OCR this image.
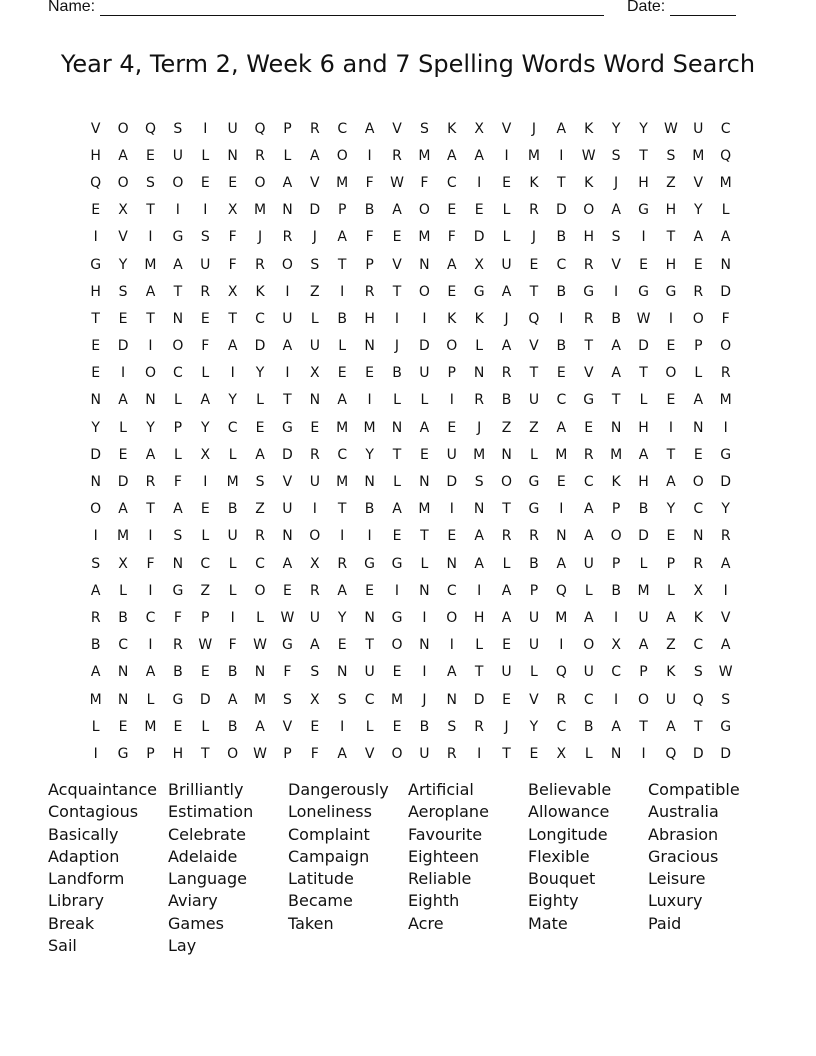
Name:	Date:
Year 4, Term 2, Week 6 and 7 Spelling Words Word Search
V	O	Q	S	I	U	Q	P	R	C	A	V	S	K	X	V	J	A	K	Y	Y	W	U	C
H	A	E	U	L	N	R	L	A	O	I	R	M	A	A	I	M	I	W	S	T	S	M	Q
Q	O	S	O	E	E	O	A	V	M	F	W	F	C	I	E	K	T	K	J	H	Z	V	M
E	X	T	I	I	X	M	N	D	P	B	A	O	E	E	L	R	D	O	A	G	H	Y	L
I	V	I	G	S	F	J	R	J	A	F	E	M	F	D	L	J	B	H	S	I	T	A	A
G	Y	M	A	U	F	R	O	S	T	P	V	N	A	X	U	E	C	R	V	E	H	E	N
H	S	A	T	R	X	K	I	Z	I	R	T	O	E	G	A	T	B	G	I	G	G	R	D
T	E	T	N	E	T	C	U	L	B	H	I	I	K	K	J	Q	I	R	B	W	I	O	F
E	D	I	O	F	A	D	A	U	L	N	J	D	O	L	A	V	B	T	A	D	E	P	O
E	I	O	C	L	I	Y	I	X	E	E	B	U	P	N	R	T	E	V	A	T	O	L	R
N	A	N	L	A	Y	L	T	N	A	I	L	L	I	R	B	U	C	G	T	L	E	A	M
Y	L	Y	P	Y	C	E	G	E	M	M	N	A	E	J	Z	Z	A	E	N	H	I	N	I
D	E	A	L	X	L	A	D	R	C	Y	T	E	U	M	N	L	M	R	M	A	T	E	G
N	D	R	F	I	M	S	V	U	M	N	L	N	D	S	O	G	E	C	K	H	A	O	D
O	A	T	A	E	B	Z	U	I	T	B	A	M	I	N	T	G	I	A	P	B	Y	C	Y
I	M	I	S	L	U	R	N	O	I	I	E	T	E	A	R	R	N	A	O	D	E	N	R
S	X	F	N	C	L	C	A	X	R	G	G	L	N	A	L	B	A	U	P	L	P	R	A
A	L	I	G	Z	L	O	E	R	A	E	I	N	C	I	A	P	Q	L	B	M	L	X	I
R	B	C	F	P	I	L	W	U	Y	N	G	I	O	H	A	U	M	A	I	U	A	K	V
B	C	I	R	W	F	W	G	A	E	T	O	N	I	L	E	U	I	O	X	A	Z	C	A
A	N	A	B	E	B	N	F	S	N	U	E	I	A	T	U	L	Q	U	C	P	K	S	W
M	N	L	G	D	A	M	S	X	S	C	M	J	N	D	E	V	R	C	I	O	U	Q	S
L	E	M	E	L	B	A	V	E	I	L	E	B	S	R	J	Y	C	B	A	T	A	T	G
I	G	P	H	T	O	W	P	F	A	V	O	U	R	I	T	E	X	L	N	I	Q	D	D
Acquaintance Brilliantly	Dangerously	Artificial	Believable	Compatible
Contagious	Estimation	Loneliness	Aeroplane	Allowance	Australia
Basically	Celebrate	Complaint	Favourite	Longitude	Abrasion
Adaption	Adelaide	Campaign	Eighteen	Flexible	Gracious
Landform	Language	Latitude	Reliable	Bouquet	Leisure
Library	Aviary	Became	Eighth	Eighty	Luxury
Break	Games	Taken	Acre	Mate	Paid
Sail	Lay
